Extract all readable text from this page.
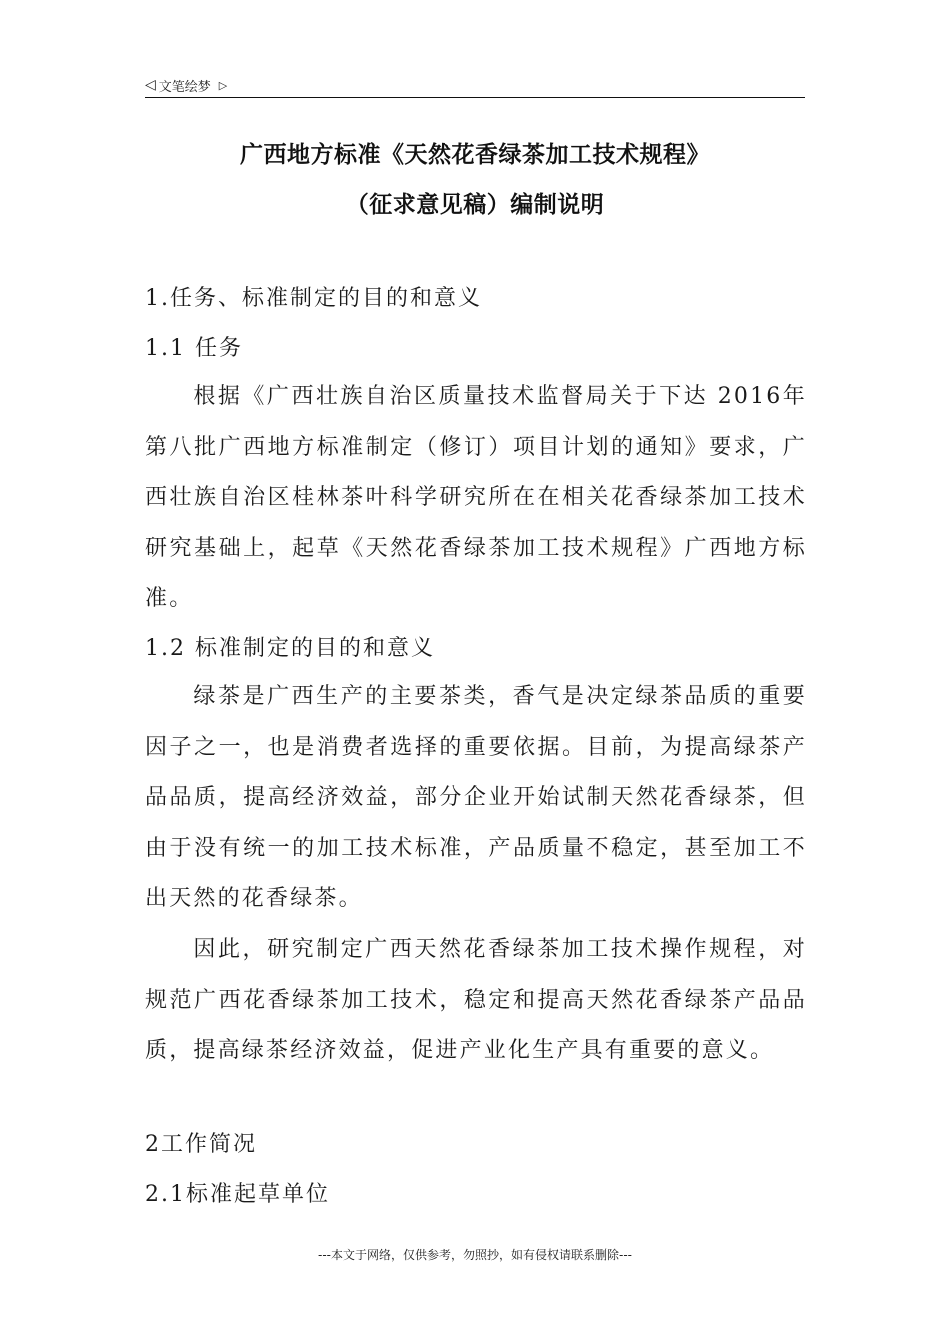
◁ 文笔绘梦 ▷
广西地方标准《天然花香绿茶加工技术规程》
（征求意见稿）编制说明
1.任务、标准制定的目的和意义
1.1 任务
根据《广西壮族自治区质量技术监督局关于下达 2016年第八批广西地方标准制定（修订）项目计划的通知》要求，广西壮族自治区桂林茶叶科学研究所在在相关花香绿茶加工技术研究基础上，起草《天然花香绿茶加工技术规程》广西地方标准。
1.2 标准制定的目的和意义
绿茶是广西生产的主要茶类，香气是决定绿茶品质的重要因子之一，也是消费者选择的重要依据。目前，为提高绿茶产品品质，提高经济效益，部分企业开始试制天然花香绿茶，但由于没有统一的加工技术标准，产品质量不稳定，甚至加工不出天然的花香绿茶。
因此，研究制定广西天然花香绿茶加工技术操作规程，对规范广西花香绿茶加工技术，稳定和提高天然花香绿茶产品品质，提高绿茶经济效益，促进产业化生产具有重要的意义。
2工作简况
2.1标准起草单位
---本文于网络，仅供参考，勿照抄，如有侵权请联系删除---
